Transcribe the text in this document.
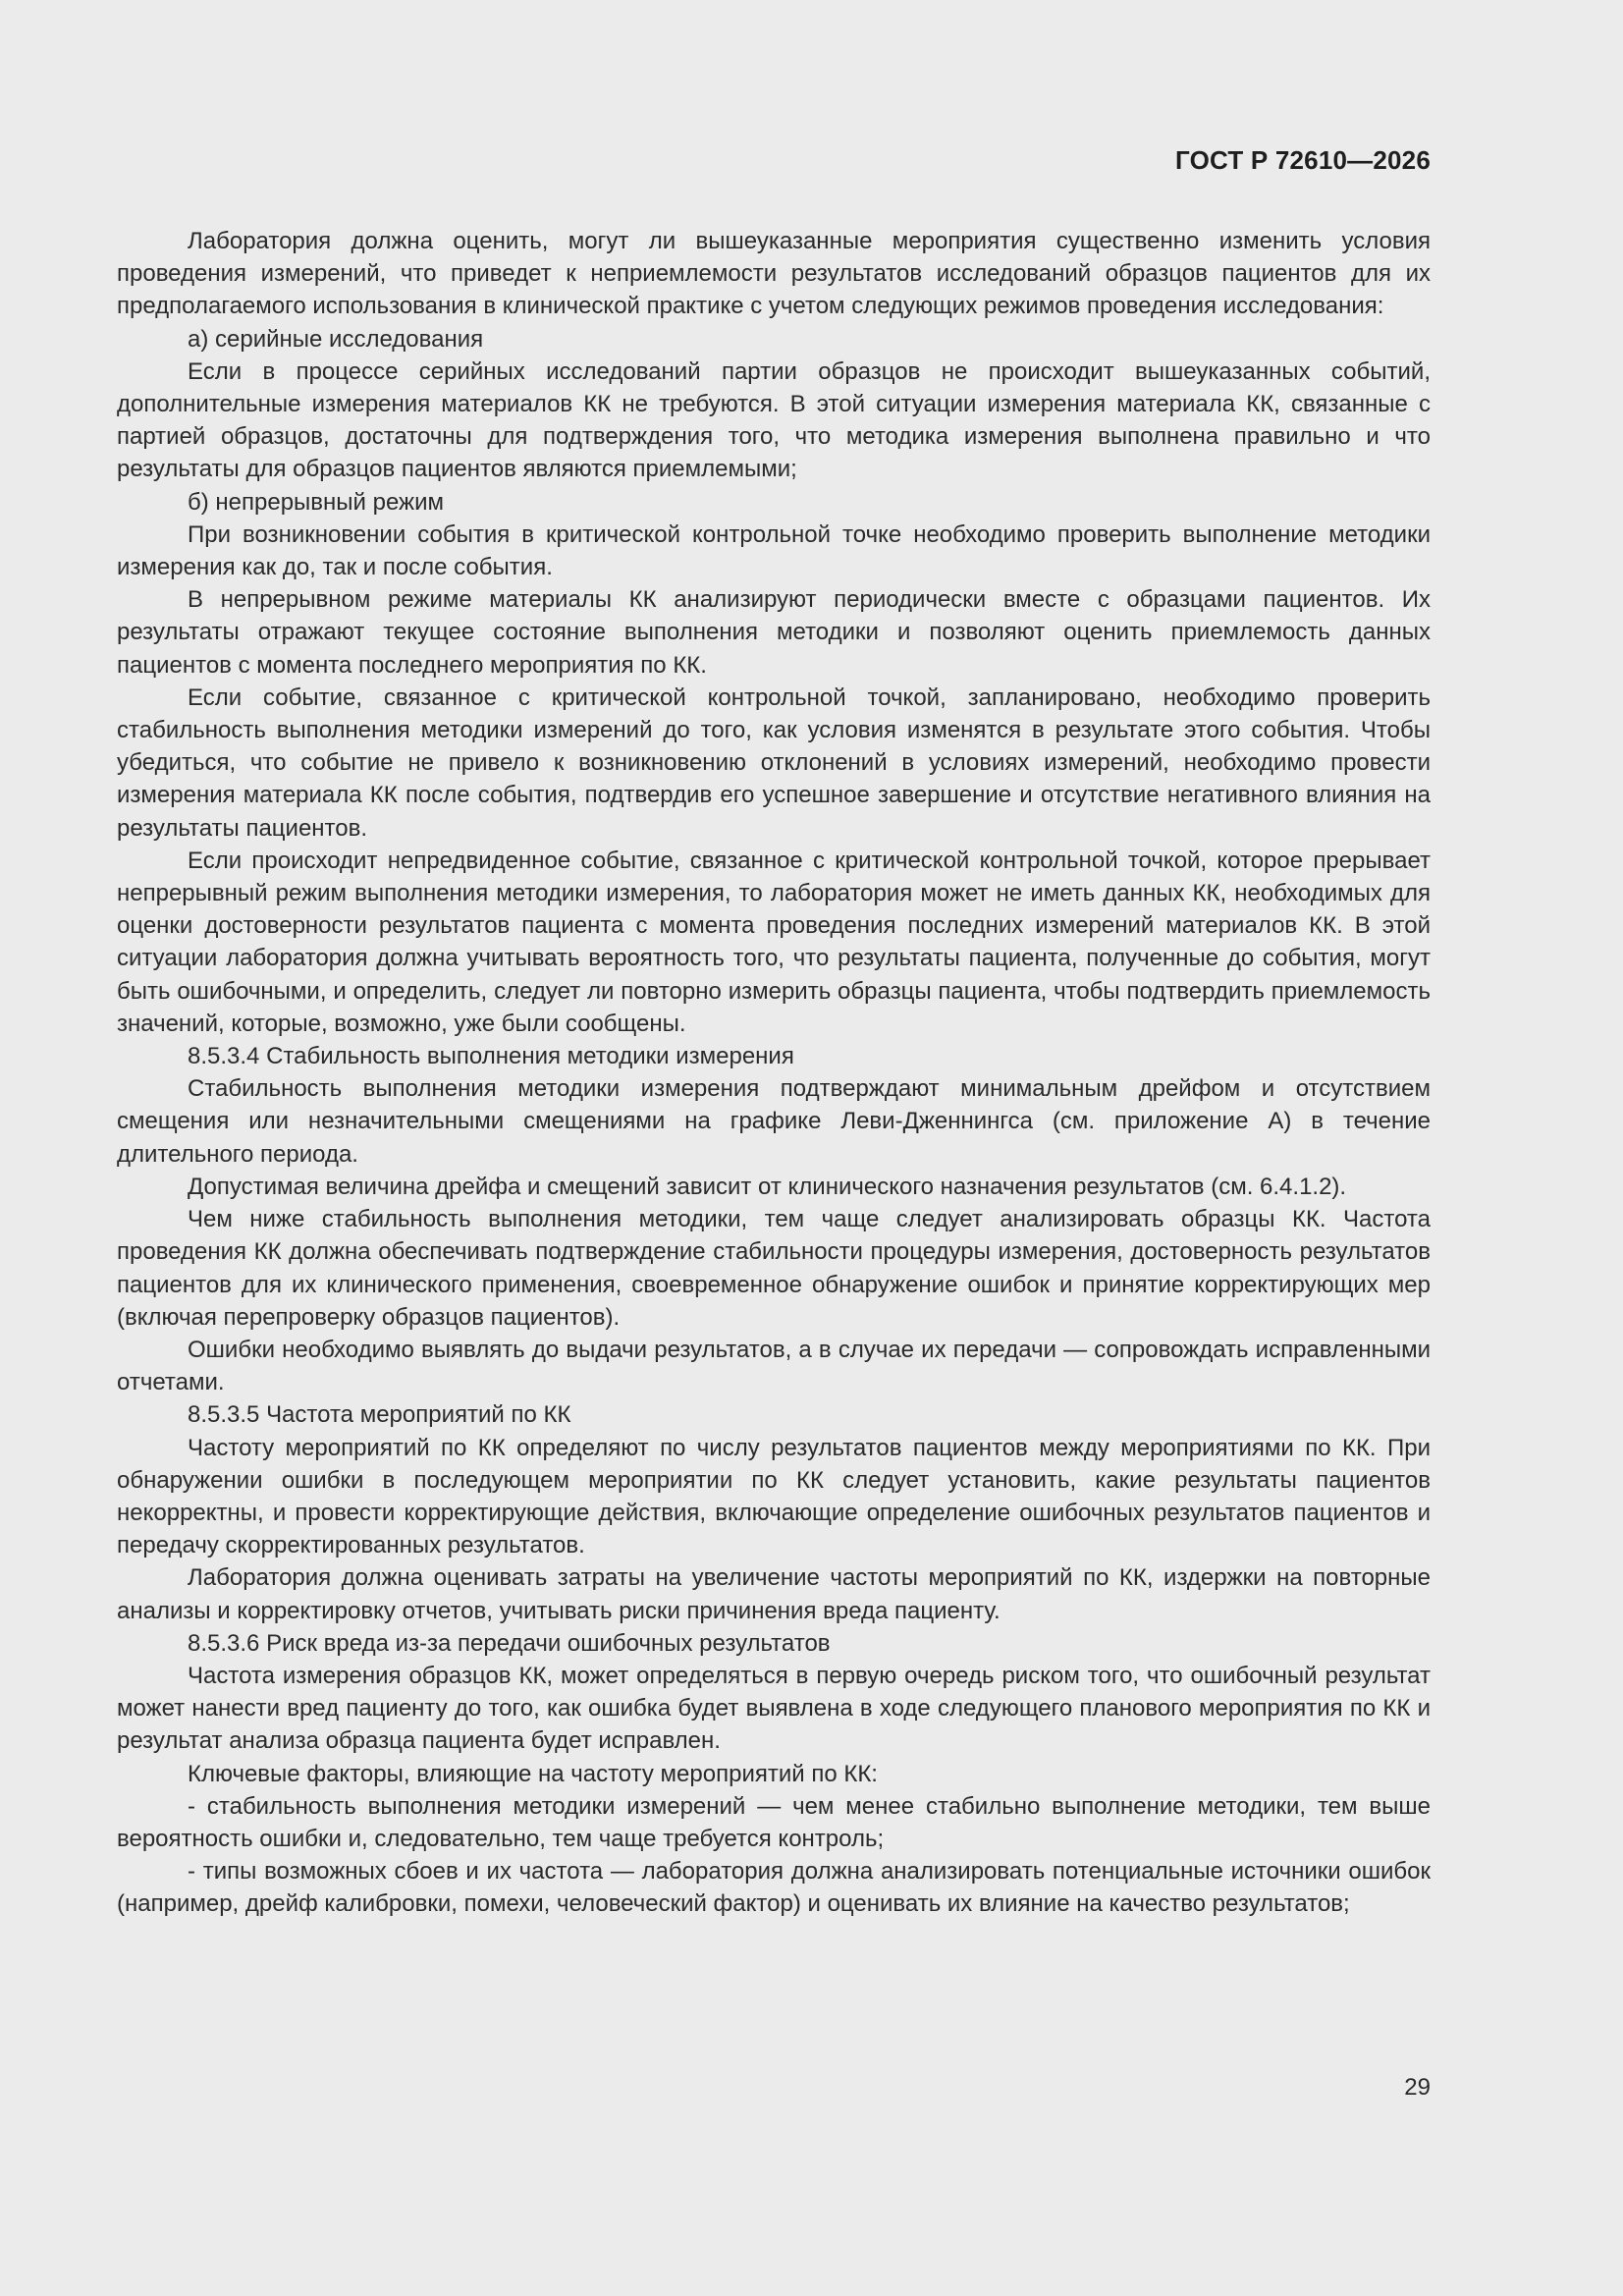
ГОСТ Р 72610—2026

Лаборатория должна оценить, могут ли вышеуказанные мероприятия существенно изменить условия проведения измерений, что приведет к неприемлемости результатов исследований образцов пациентов для их предполагаемого использования в клинической практике с учетом следующих режимов проведения исследования:

а) серийные исследования

Если в процессе серийных исследований партии образцов не происходит вышеуказанных событий, дополнительные измерения материалов КК не требуются. В этой ситуации измерения материала КК, связанные с партией образцов, достаточны для подтверждения того, что методика измерения выполнена правильно и что результаты для образцов пациентов являются приемлемыми;

б) непрерывный режим

При возникновении события в критической контрольной точке необходимо проверить выполнение методики измерения как до, так и после события.

В непрерывном режиме материалы КК анализируют периодически вместе с образцами пациентов. Их результаты отражают текущее состояние выполнения методики и позволяют оценить приемлемость данных пациентов с момента последнего мероприятия по КК.

Если событие, связанное с критической контрольной точкой, запланировано, необходимо проверить стабильность выполнения методики измерений до того, как условия изменятся в результате этого события. Чтобы убедиться, что событие не привело к возникновению отклонений в условиях измерений, необходимо провести измерения материала КК после события, подтвердив его успешное завершение и отсутствие негативного влияния на результаты пациентов.

Если происходит непредвиденное событие, связанное с критической контрольной точкой, которое прерывает непрерывный режим выполнения методики измерения, то лаборатория может не иметь данных КК, необходимых для оценки достоверности результатов пациента с момента проведения последних измерений материалов КК. В этой ситуации лаборатория должна учитывать вероятность того, что результаты пациента, полученные до события, могут быть ошибочными, и определить, следует ли повторно измерить образцы пациента, чтобы подтвердить приемлемость значений, которые, возможно, уже были сообщены.

8.5.3.4 Стабильность выполнения методики измерения

Стабильность выполнения методики измерения подтверждают минимальным дрейфом и отсутствием смещения или незначительными смещениями на графике Леви-Дженнингса (см. приложение А) в течение длительного периода.

Допустимая величина дрейфа и смещений зависит от клинического назначения результатов (см. 6.4.1.2).

Чем ниже стабильность выполнения методики, тем чаще следует анализировать образцы КК. Частота проведения КК должна обеспечивать подтверждение стабильности процедуры измерения, достоверность результатов пациентов для их клинического применения, своевременное обнаружение ошибок и принятие корректирующих мер (включая перепроверку образцов пациентов).

Ошибки необходимо выявлять до выдачи результатов, а в случае их передачи — сопровождать исправленными отчетами.

8.5.3.5 Частота мероприятий по КК

Частоту мероприятий по КК определяют по числу результатов пациентов между мероприятиями по КК. При обнаружении ошибки в последующем мероприятии по КК следует установить, какие результаты пациентов некорректны, и провести корректирующие действия, включающие определение ошибочных результатов пациентов и передачу скорректированных результатов.

Лаборатория должна оценивать затраты на увеличение частоты мероприятий по КК, издержки на повторные анализы и корректировку отчетов, учитывать риски причинения вреда пациенту.

8.5.3.6 Риск вреда из-за передачи ошибочных результатов

Частота измерения образцов КК, может определяться в первую очередь риском того, что ошибочный результат может нанести вред пациенту до того, как ошибка будет выявлена в ходе следующего планового мероприятия по КК и результат анализа образца пациента будет исправлен.

Ключевые факторы, влияющие на частоту мероприятий по КК:

- стабильность выполнения методики измерений — чем менее стабильно выполнение методики, тем выше вероятность ошибки и, следовательно, тем чаще требуется контроль;

- типы возможных сбоев и их частота — лаборатория должна анализировать потенциальные источники ошибок (например, дрейф калибровки, помехи, человеческий фактор) и оценивать их влияние на качество результатов;

29
